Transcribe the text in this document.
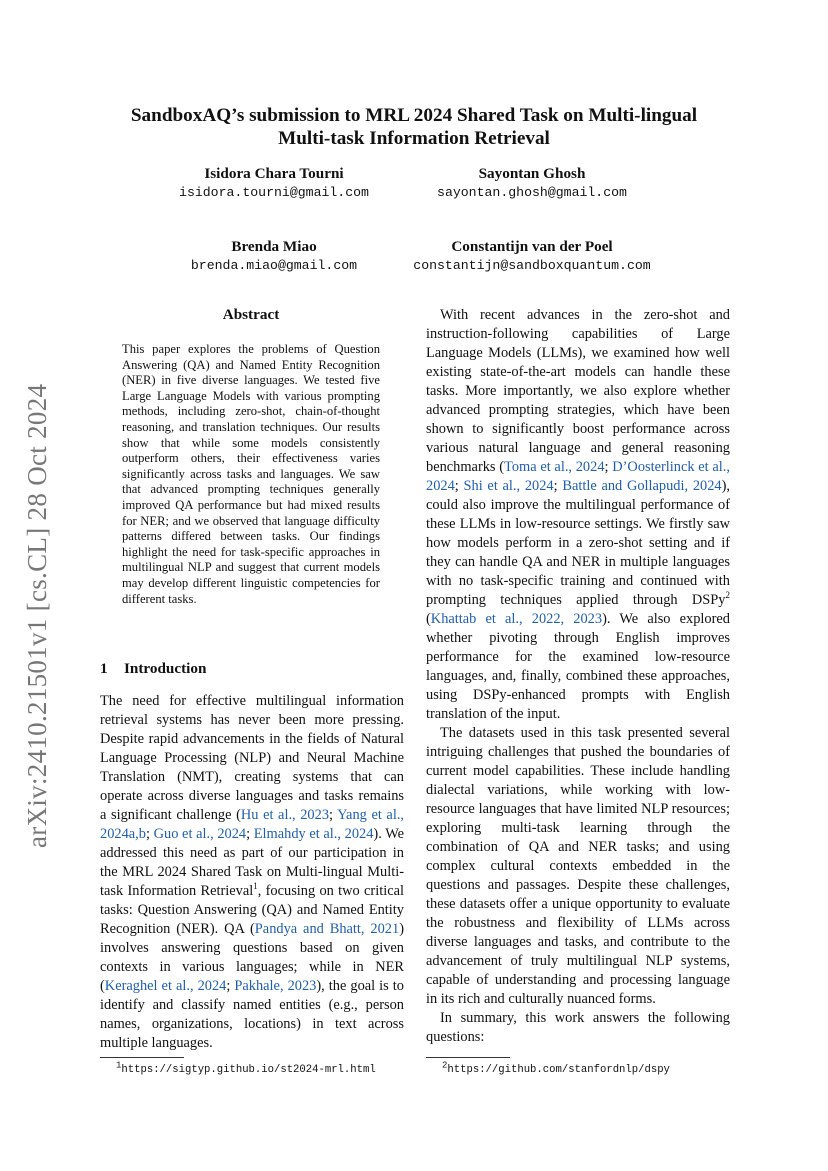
arXiv:2410.21501v1 [cs.CL] 28 Oct 2024
SandboxAQ’s submission to MRL 2024 Shared Task on Multi-lingual
Multi-task Information Retrieval
Isidora Chara Tourni
isidora.tourni@gmail.com
Sayontan Ghosh
sayontan.ghosh@gmail.com
Brenda Miao
brenda.miao@gmail.com
Constantijn van der Poel
constantijn@sandboxquantum.com
Abstract
This paper explores the problems of Question Answering (QA) and Named Entity Recognition (NER) in five diverse languages. We tested five Large Language Models with various prompting methods, including zero-shot, chain-of-thought reasoning, and translation techniques. Our results show that while some models consistently outperform others, their effectiveness varies significantly across tasks and languages. We saw that advanced prompting techniques generally improved QA performance but had mixed results for NER; and we observed that language difficulty patterns differed between tasks. Our findings highlight the need for task-specific approaches in multilingual NLP and suggest that current models may develop different linguistic competencies for different tasks.
1 Introduction

The need for effective multilingual information retrieval systems has never been more pressing. Despite rapid advancements in the fields of Natural Language Processing (NLP) and Neural Machine Translation (NMT), creating systems that can operate across diverse languages and tasks remains a significant challenge (Hu et al., 2023; Yang et al., 2024a,b; Guo et al., 2024; Elmahdy et al., 2024). We addressed this need as part of our participation in the MRL 2024 Shared Task on Multi-lingual Multi-task Information Retrieval$^1$, focusing on two critical tasks: Question Answering (QA) and Named Entity Recognition (NER). QA (Pandya and Bhatt, 2021) involves answering questions based on given contexts in various languages; while in NER (Keraghel et al., 2024; Pakhale, 2023), the goal is to identify and classify named entities (e.g., person names, organizations, locations) in text across multiple languages.

With recent advances in the zero-shot and instruction-following capabilities of Large Language Models (LLMs), we examined how well existing state-of-the-art models can handle these tasks. More importantly, we also explore whether advanced prompting strategies, which have been shown to significantly boost performance across various natural language and general reasoning benchmarks (Toma et al., 2024; D’Oosterlinck et al., 2024; Shi et al., 2024; Battle and Gollapudi, 2024), could also improve the multilingual performance of these LLMs in low-resource settings. We firstly saw how models perform in a zero-shot setting and if they can handle QA and NER in multiple languages with no task-specific training and continued with prompting techniques applied through DSPy$^2$ (Khattab et al., 2022, 2023). We also explored whether pivoting through English improves performance for the examined low-resource languages, and, finally, combined these approaches, using DSPy-enhanced prompts with English translation of the input.

The datasets used in this task presented several intriguing challenges that pushed the boundaries of current model capabilities. These include handling dialectal variations, while working with low-resource languages that have limited NLP resources; exploring multi-task learning through the combination of QA and NER tasks; and using complex cultural contexts embedded in the questions and passages. Despite these challenges, these datasets offer a unique opportunity to evaluate the robustness and flexibility of LLMs across diverse languages and tasks, and contribute to the advancement of truly multilingual NLP systems, capable of understanding and processing language in its rich and culturally nuanced forms.

In summary, this work answers the following questions:

$^1$https://sigtyp.github.io/st2024-mrl.html	$^2$https://github.com/stanfordnlp/dspy
